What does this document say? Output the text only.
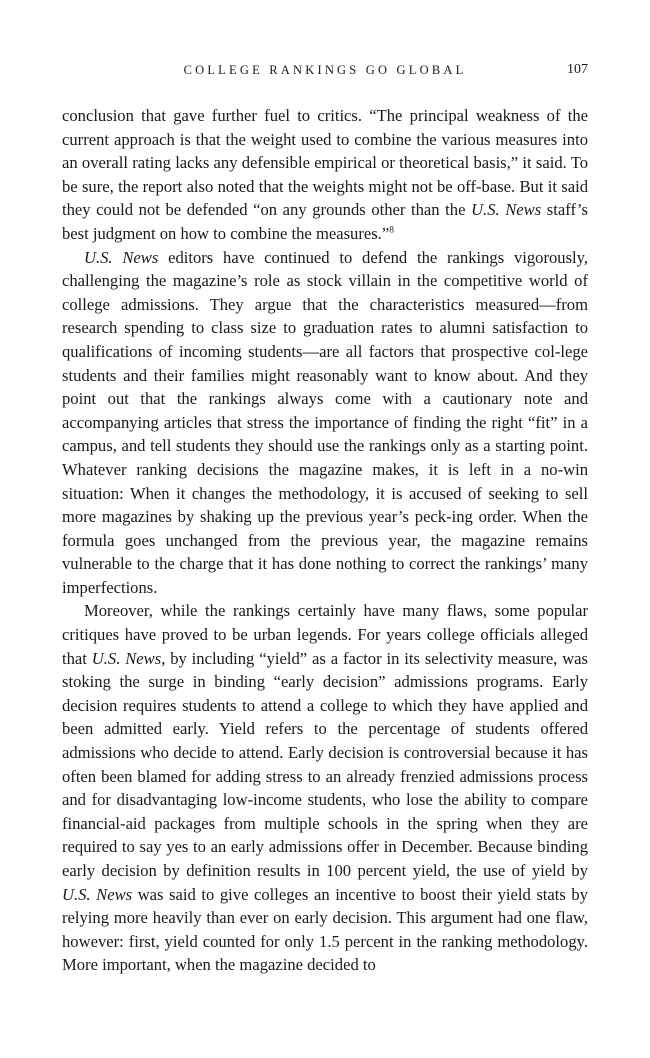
COLLEGE RANKINGS GO GLOBAL	107

conclusion that gave further fuel to critics. “The principal weakness of the current approach is that the weight used to combine the various measures into an overall rating lacks any defensible empirical or theoretical basis,” it said. To be sure, the report also noted that the weights might not be off-base. But it said they could not be defended “on any grounds other than the U.S. News staff’s best judgment on how to combine the measures.”$^8$

U.S. News editors have continued to defend the rankings vigorously, challenging the magazine’s role as stock villain in the competitive world of college admissions. They argue that the characteristics measured—from research spending to class size to graduation rates to alumni satisfaction to qualifications of incoming students—are all factors that prospective col-lege students and their families might reasonably want to know about. And they point out that the rankings always come with a cautionary note and accompanying articles that stress the importance of finding the right “fit” in a campus, and tell students they should use the rankings only as a starting point. Whatever ranking decisions the magazine makes, it is left in a no-win situation: When it changes the methodology, it is accused of seeking to sell more magazines by shaking up the previous year’s peck-ing order. When the formula goes unchanged from the previous year, the magazine remains vulnerable to the charge that it has done nothing to correct the rankings’ many imperfections.

Moreover, while the rankings certainly have many flaws, some popular critiques have proved to be urban legends. For years college officials alleged that U.S. News, by including “yield” as a factor in its selectivity measure, was stoking the surge in binding “early decision” admissions programs. Early decision requires students to attend a college to which they have applied and been admitted early. Yield refers to the percentage of students offered admissions who decide to attend. Early decision is controversial because it has often been blamed for adding stress to an already frenzied admissions process and for disadvantaging low-income students, who lose the ability to compare financial-aid packages from multiple schools in the spring when they are required to say yes to an early admissions offer in December. Because binding early decision by definition results in 100 percent yield, the use of yield by U.S. News was said to give colleges an incentive to boost their yield stats by relying more heavily than ever on early decision. This argument had one flaw, however: first, yield counted for only 1.5 percent in the ranking methodology. More important, when the magazine decided to
